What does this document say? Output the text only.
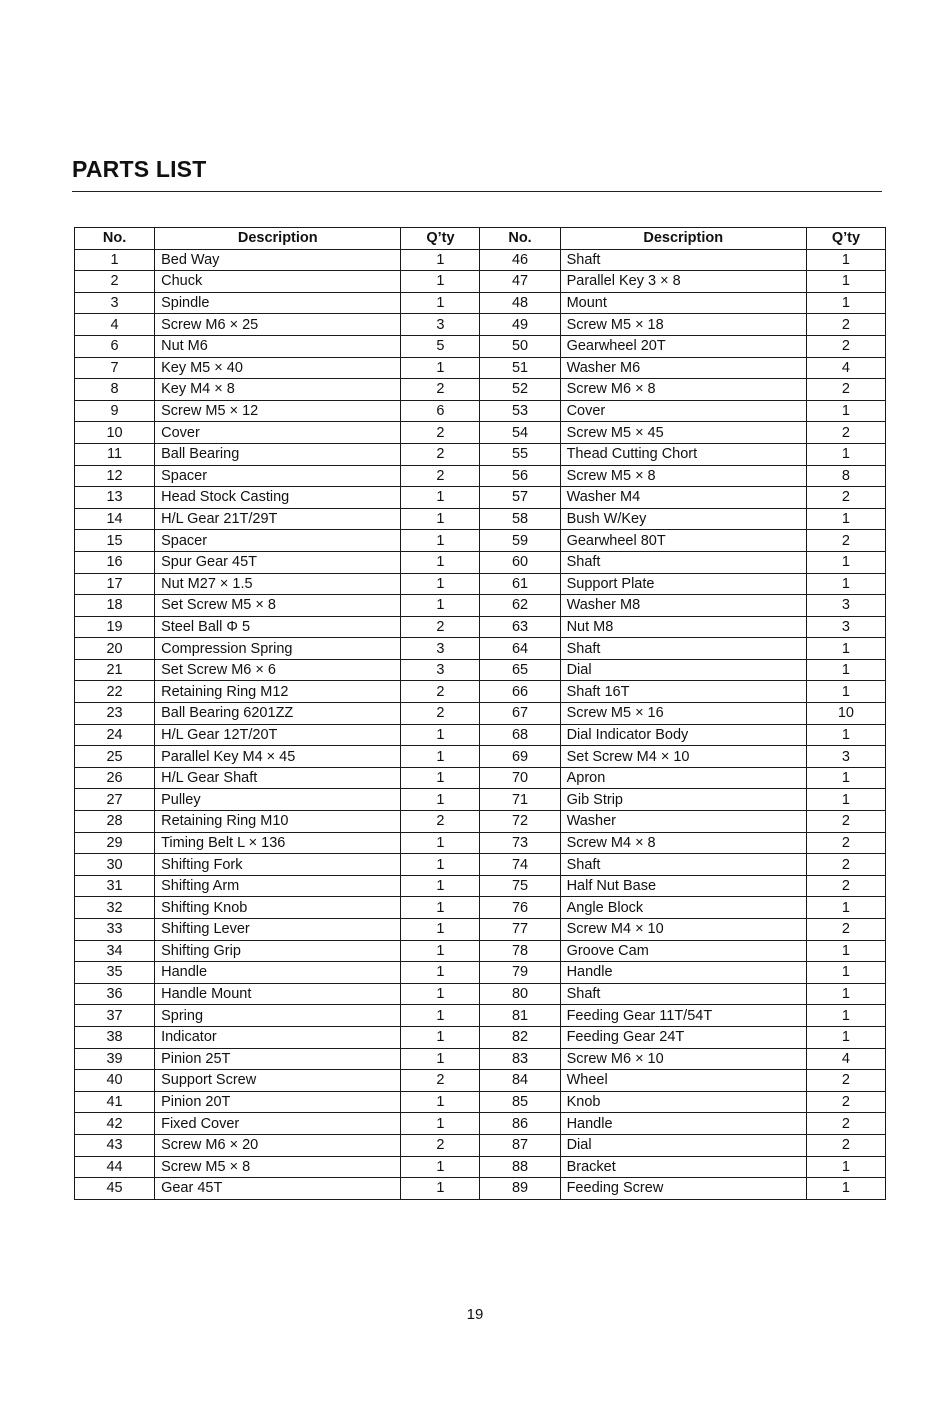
PARTS LIST
No.	Description	Q’ty	No.	Description	Q’ty
1	Bed Way	1	46	Shaft	1
2	Chuck	1	47	Parallel Key 3 × 8	1
3	Spindle	1	48	Mount	1
4	Screw M6 × 25	3	49	Screw M5 × 18	2
6	Nut M6	5	50	Gearwheel 20T	2
7	Key M5 × 40	1	51	Washer M6	4
8	Key M4 × 8	2	52	Screw M6 × 8	2
9	Screw M5 × 12	6	53	Cover	1
10	Cover	2	54	Screw M5 × 45	2
11	Ball Bearing	2	55	Thead Cutting Chort	1
12	Spacer	2	56	Screw M5 × 8	8
13	Head Stock Casting	1	57	Washer M4	2
14	H/L Gear 21T/29T	1	58	Bush W/Key	1
15	Spacer	1	59	Gearwheel 80T	2
16	Spur Gear 45T	1	60	Shaft	1
17	Nut M27 × 1.5	1	61	Support Plate	1
18	Set Screw M5 × 8	1	62	Washer M8	3
19	Steel Ball Φ 5	2	63	Nut M8	3
20	Compression Spring	3	64	Shaft	1
21	Set Screw M6 × 6	3	65	Dial	1
22	Retaining Ring M12	2	66	Shaft 16T	1
23	Ball Bearing 6201ZZ	2	67	Screw M5 × 16	10
24	H/L Gear 12T/20T	1	68	Dial Indicator Body	1
25	Parallel Key M4 × 45	1	69	Set Screw M4 × 10	3
26	H/L Gear Shaft	1	70	Apron	1
27	Pulley	1	71	Gib Strip	1
28	Retaining Ring M10	2	72	Washer	2
29	Timing Belt L × 136	1	73	Screw M4 × 8	2
30	Shifting Fork	1	74	Shaft	2
31	Shifting Arm	1	75	Half Nut Base	2
32	Shifting Knob	1	76	Angle Block	1
33	Shifting Lever	1	77	Screw M4 × 10	2
34	Shifting Grip	1	78	Groove Cam	1
35	Handle	1	79	Handle	1
36	Handle Mount	1	80	Shaft	1
37	Spring	1	81	Feeding Gear 11T/54T	1
38	Indicator	1	82	Feeding Gear 24T	1
39	Pinion 25T	1	83	Screw M6 × 10	4
40	Support Screw	2	84	Wheel	2
41	Pinion 20T	1	85	Knob	2
42	Fixed Cover	1	86	Handle	2
43	Screw M6 × 20	2	87	Dial	2
44	Screw M5 × 8	1	88	Bracket	1
45	Gear 45T	1	89	Feeding Screw	1
19
